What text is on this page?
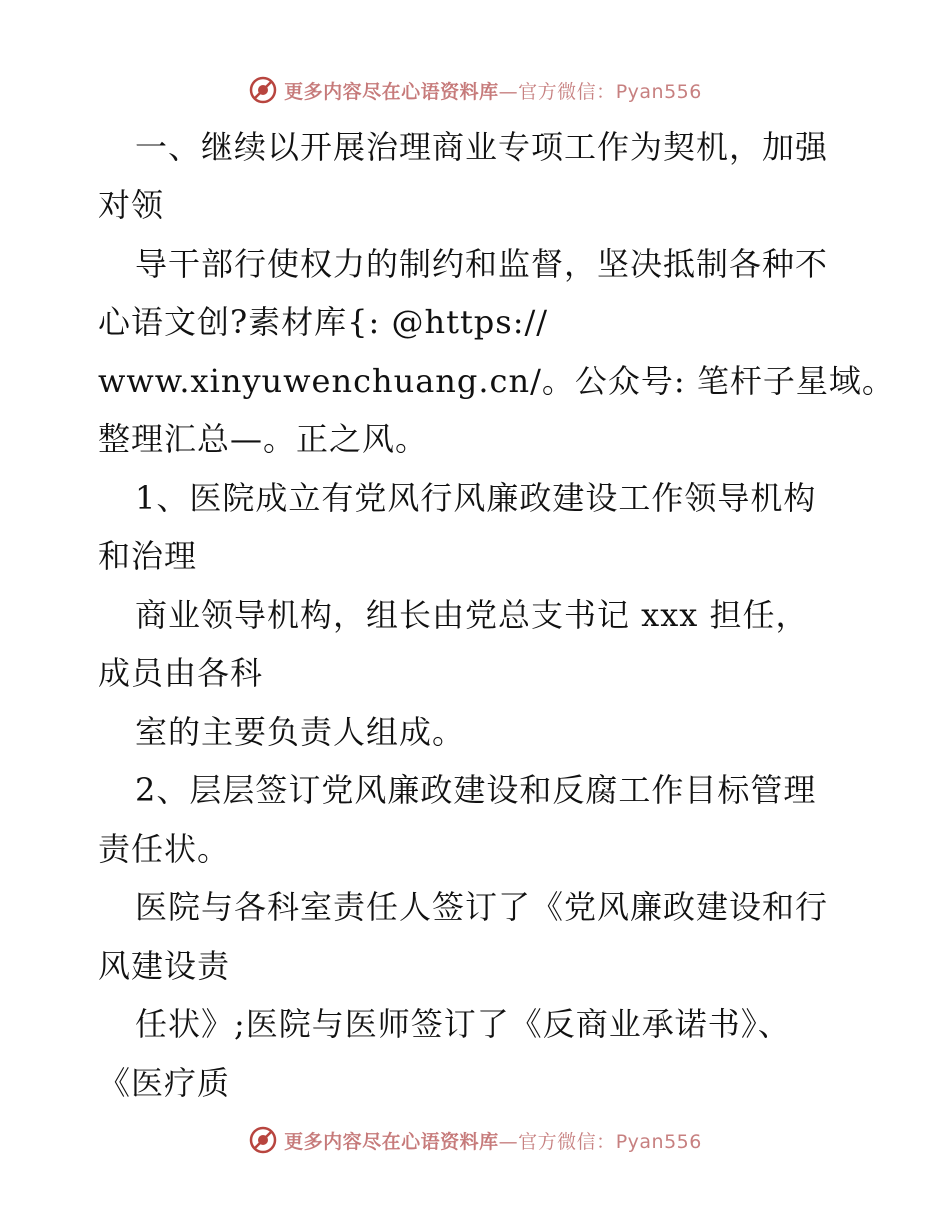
更多内容尽在心语资料库—官方微信：Pyan556
一、继续以开展治理商业专项工作为契机，加强
对领
导干部行使权力的制约和监督，坚决抵制各种不
心语文创?素材库{: @https://
www.xinyuwenchuang.cn/。公众号: 笔杆子星域。
整理汇总—。正之风。
1、医院成立有党风行风廉政建设工作领导机构
和治理
商业领导机构，组长由党总支书记 xxx 担任，
成员由各科
室的主要负责人组成。
2、层层签订党风廉政建设和反腐工作目标管理
责任状。
医院与各科室责任人签订了《党风廉政建设和行
风建设责
任状》;医院与医师签订了《反商业承诺书》、
《医疗质
更多内容尽在心语资料库—官方微信：Pyan556
